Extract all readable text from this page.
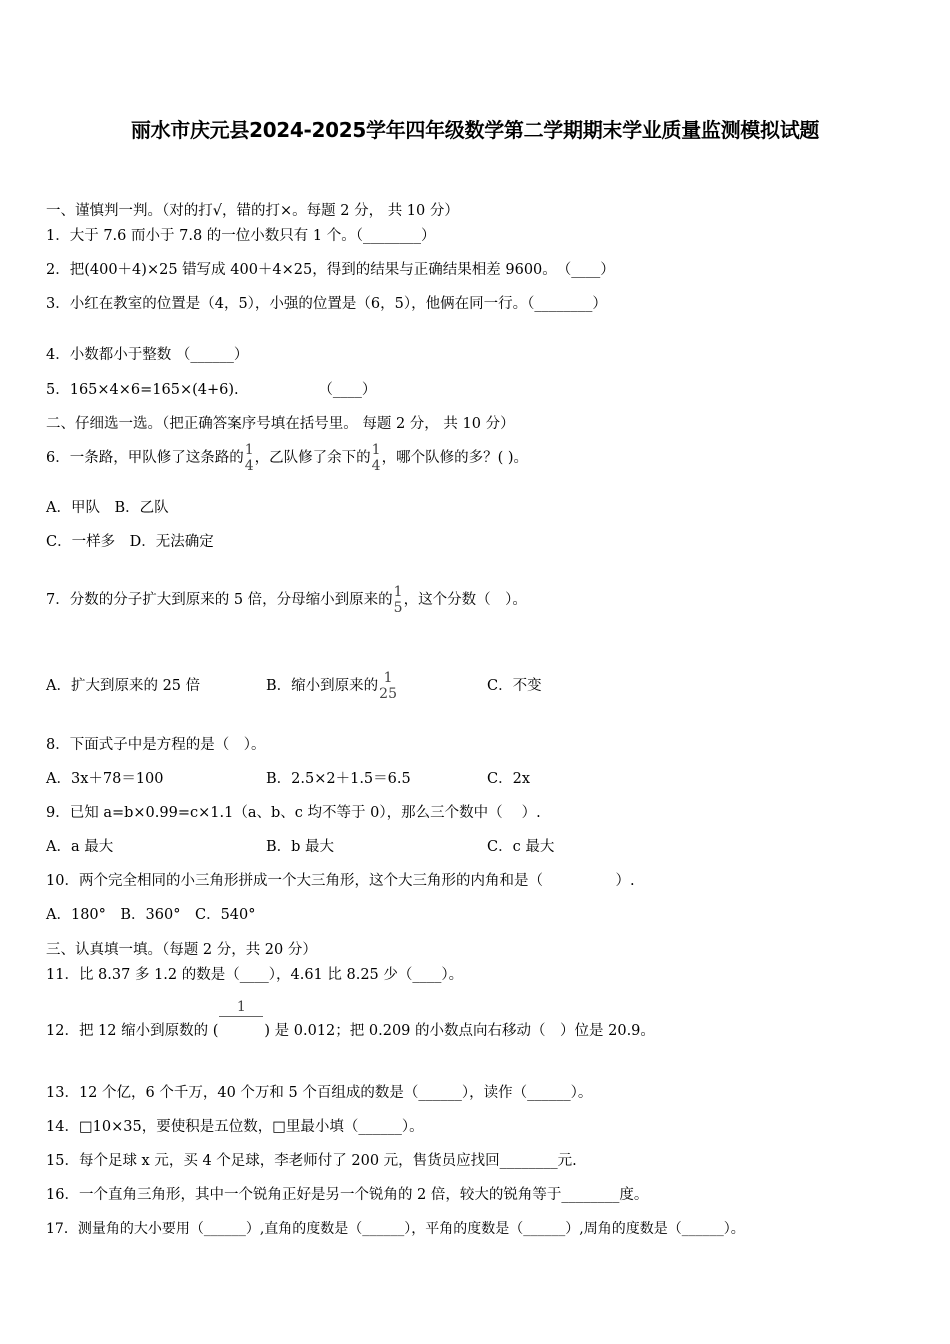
丽水市庆元县2024-2025学年四年级数学第二学期期末学业质量监测模拟试题
一、谨慎判一判。（对的打√，错的打×。每题 2 分， 共 10 分）
1．大于 7.6 而小于 7.8 的一位小数只有 1 个。（________）
2．把(400＋4)×25 错写成 400＋4×25，得到的结果与正确结果相差 9600。　（____）
3．小红在教室的位置是（4，5），小强的位置是（6，5），他俩在同一行。（________）
4．小数都小于整数 （______）
5．165×4×6=165×(4+6).　　　　　　（____）
二、仔细选一选。（把正确答案序号填在括号里。 每题 2 分， 共 10 分）
6．一条路，甲队修了这条路的 1
4 ，乙队修了余下的 1
4 ，哪个队修的多？( )。
A．甲队　B．乙队
C．一样多　D．无法确定
7．分数的分子扩大到原来的 5 倍，分母缩小到原来的 1
5 ，这个分数（　）。
A．扩大到原来的 25 倍	B．缩小到原来的 1
25	C．不变
8．下面式子中是方程的是（　）。
A．3x＋78＝100	B．2.5×2＋1.5＝6.5	C．2x
9．已知 a=b×0.99=c×1.1（a、b、c 均不等于 0），那么三个数中（　 ）.
A．a 最大	B．b 最大	C．c 最大
10．两个完全相同的小三角形拼成一个大三角形，这个大三角形的内角和是（　　　　　）.
A．180°　B．360°　C．540°
三、认真填一填。（每题 2 分，共 20 分）
11．比 8.37 多 1.2 的数是（____），4.61 比 8.25 少（____）。
12．把 12 缩小到原数的 (
1
) 是 0.012；把 0.209 的小数点向右移动（　）位是 20.9。
13．12 个亿，6 个千万，40 个万和 5 个百组成的数是（______），读作（______）。
14．□10×35，要使积是五位数，□里最小填（______）。
15．每个足球 x 元，买 4 个足球，李老师付了 200 元，售货员应找回________元.
16．一个直角三角形，其中一个锐角正好是另一个锐角的 2 倍，较大的锐角等于________度。
17．测量角的大小要用（______）,直角的度数是（______），平角的度数是（______）,周角的度数是（______）。
